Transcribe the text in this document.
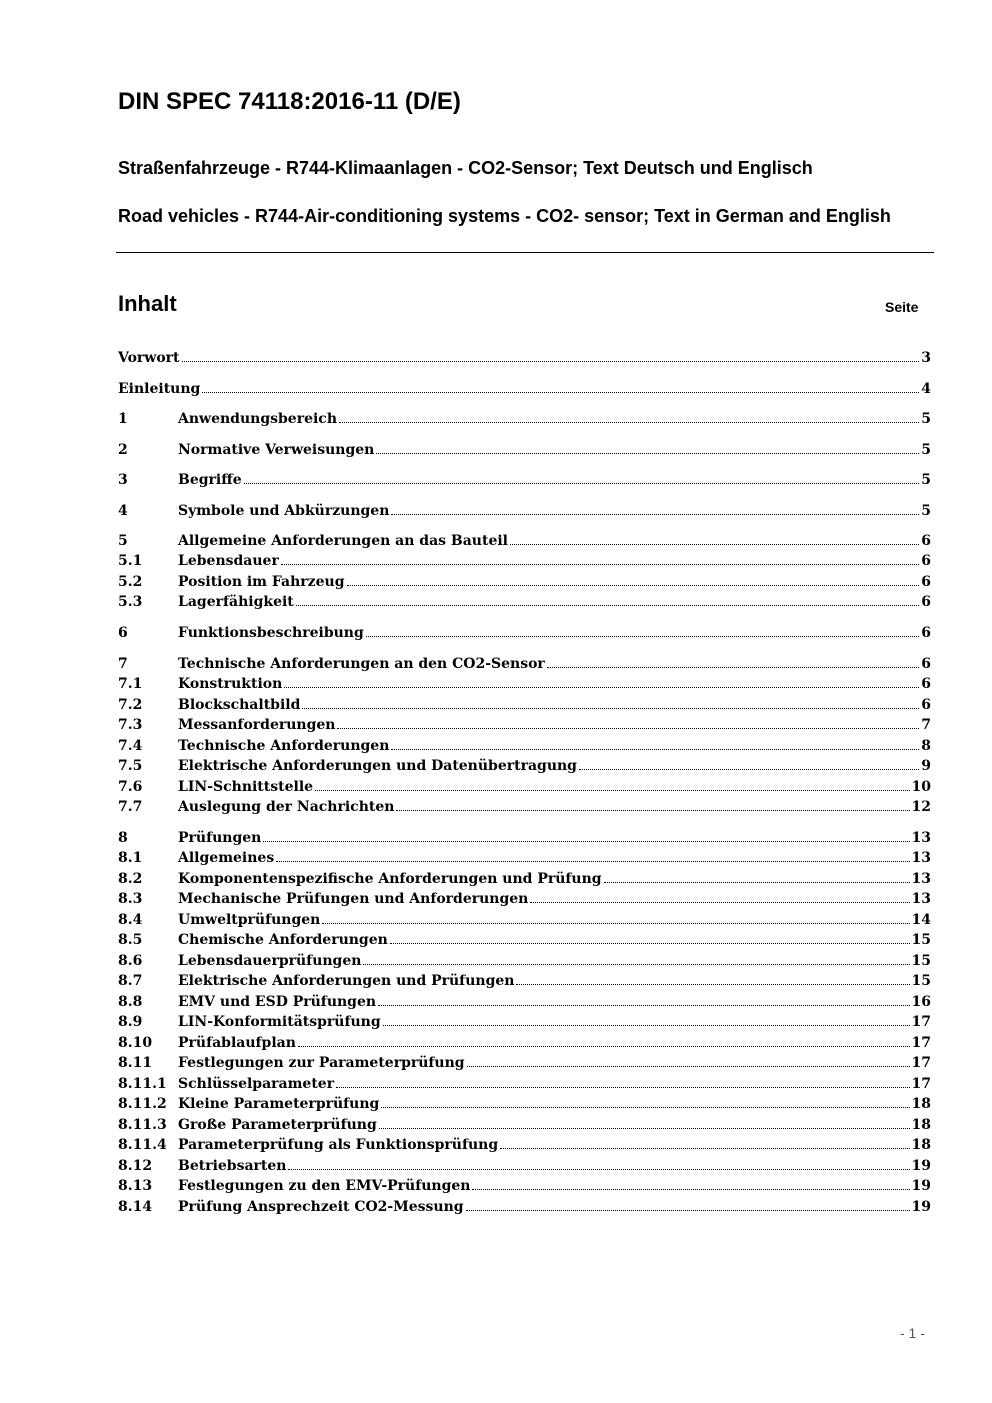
DIN SPEC 74118:2016-11 (D/E)

Straßenfahrzeuge - R744-Klimaanlagen - CO2-Sensor; Text Deutsch und Englisch

Road vehicles - R744-Air-conditioning systems - CO2- sensor; Text in German and English

Inhalt	Seite
Vorwort	3
Einleitung	4
1	Anwendungsbereich	5
2	Normative Verweisungen	5
3	Begriffe	5
4	Symbole und Abkürzungen	5
5	Allgemeine Anforderungen an das Bauteil	6
5.1	Lebensdauer	6
5.2	Position im Fahrzeug	6
5.3	Lagerfähigkeit	6
6	Funktionsbeschreibung	6
7	Technische Anforderungen an den CO2-Sensor	6
7.1	Konstruktion	6
7.2	Blockschaltbild	6
7.3	Messanforderungen	7
7.4	Technische Anforderungen	8
7.5	Elektrische Anforderungen und Datenübertragung	9
7.6	LIN-Schnittstelle	10
7.7	Auslegung der Nachrichten	12
8	Prüfungen	13
8.1	Allgemeines	13
8.2	Komponentenspezifische Anforderungen und Prüfung	13
8.3	Mechanische Prüfungen und Anforderungen	13
8.4	Umweltprüfungen	14
8.5	Chemische Anforderungen	15
8.6	Lebensdauerprüfungen	15
8.7	Elektrische Anforderungen und Prüfungen	15
8.8	EMV und ESD Prüfungen	16
8.9	LIN-Konformitätsprüfung	17
8.10	Prüfablaufplan	17
8.11	Festlegungen zur Parameterprüfung	17
8.11.1 Schlüsselparameter	17
8.11.2 Kleine Parameterprüfung	18
8.11.3 Große Parameterprüfung	18
8.11.4 Parameterprüfung als Funktionsprüfung	18
8.12	Betriebsarten	19
8.13	Festlegungen zu den EMV-Prüfungen	19
8.14	Prüfung Ansprechzeit CO2-Messung	19
- 1 -
